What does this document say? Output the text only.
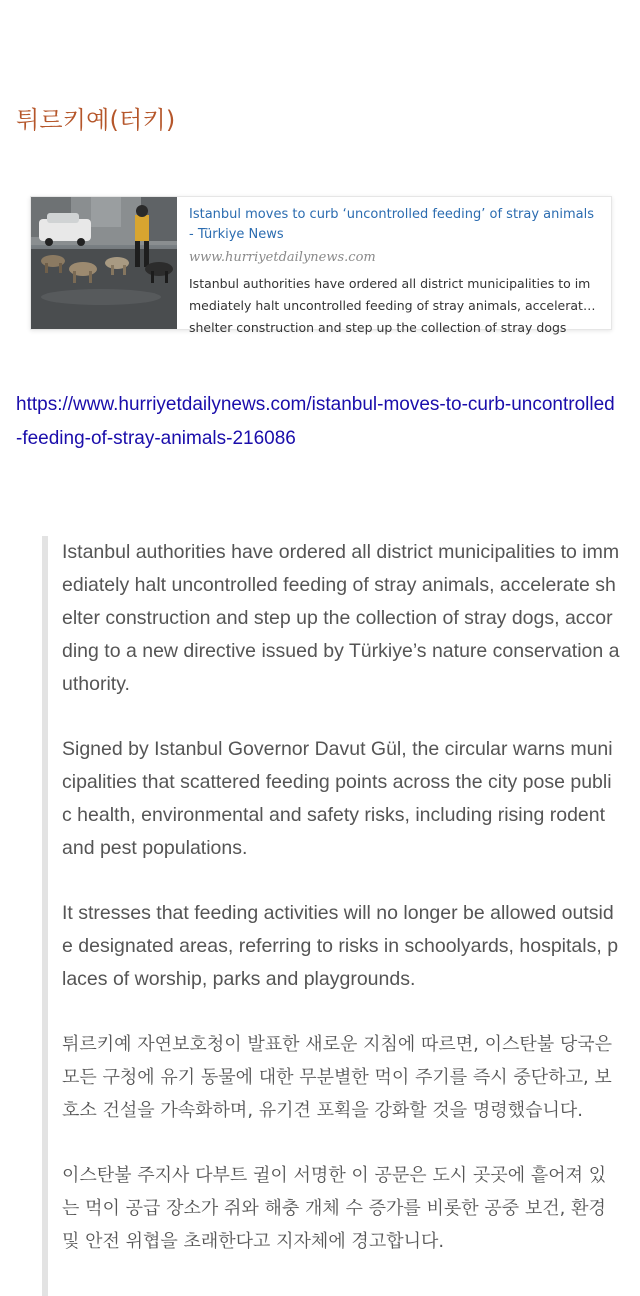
튀르키예(터키)
Istanbul moves to curb ‘uncontrolled feeding’ of stray animals - Türkiye News
www.hurriyetdailynews.com
Istanbul authorities have ordered all district municipalities to immediately halt uncontrolled feeding of stray animals, accelerate shelter construction and step up the collection of stray dogs
https://www.hurriyetdailynews.com/istanbul-moves-to-curb-uncontrolled-feeding-of-stray-animals-216086

Istanbul authorities have ordered all district municipalities to immediately halt uncontrolled feeding of stray animals, accelerate shelter construction and step up the collection of stray dogs, according to a new directive issued by Türkiye’s nature conservation authority.

Signed by Istanbul Governor Davut Gül, the circular warns municipalities that scattered feeding points across the city pose public health, environmental and safety risks, including rising rodent and pest populations.

It stresses that feeding activities will no longer be allowed outside designated areas, referring to risks in schoolyards, hospitals, places of worship, parks and playgrounds.

튀르키예 자연보호청이 발표한 새로운 지침에 따르면, 이스탄불 당국은 모든 구청에 유기 동물에 대한 무분별한 먹이 주기를 즉시 중단하고, 보호소 건설을 가속화하며, 유기견 포획을 강화할 것을 명령했습니다.

이스탄불 주지사 다부트 귈이 서명한 이 공문은 도시 곳곳에 흩어져 있는 먹이 공급 장소가 쥐와 해충 개체 수 증가를 비롯한 공중 보건, 환경 및 안전 위협을 초래한다고 지자체에 경고합니다.
